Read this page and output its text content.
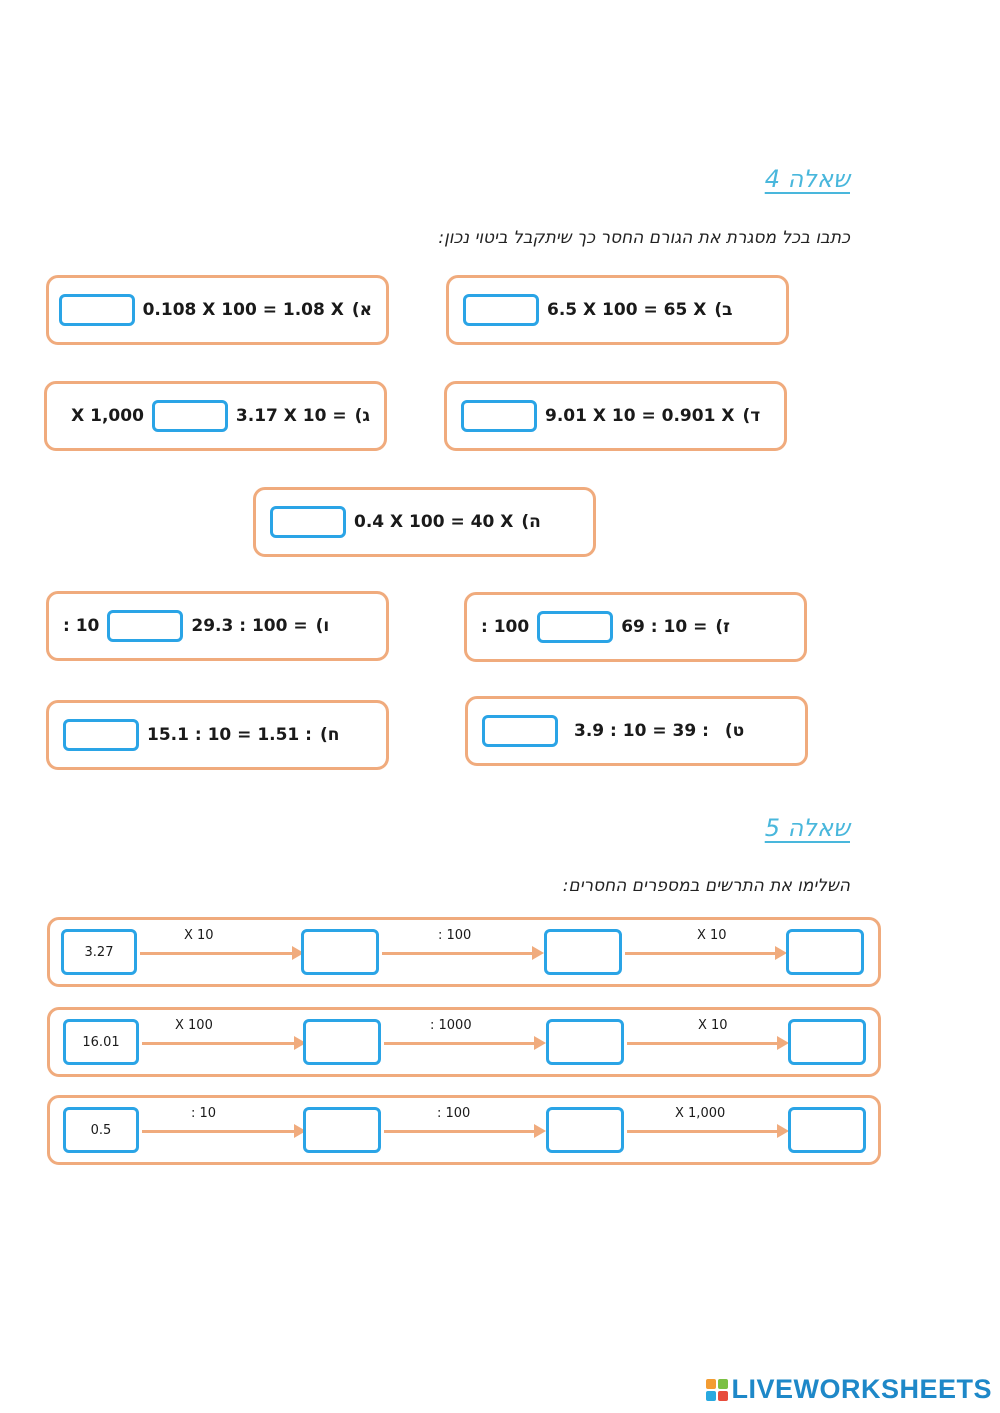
שאלה 4
כתבו בכל מסגרת את הגורם החסר כך שיתקבל ביטוי נכון:
א)
0.108 X 100 = 1.08 X	ב)
6.5 X 100 = 65 X
ג)
3.17 X 10 =
X 1,000	ד)
9.01 X 10 = 0.901 X
ה)
0.4 X 100 = 40 X
ו)
29.3 : 100 =
: 10	ז)
69 : 10 =
: 100
ח)
15.1 : 10 = 1.51 :	ט)
3.9 : 10 = 39 :
שאלה 5
השלימו את התרשים במספרים החסרים:
3.27
X 10	: 100	X 10
16.01
X 100	: 1000	X 10
0.5
: 10	: 100	X 1,000
LIVEWORKSHEETS
